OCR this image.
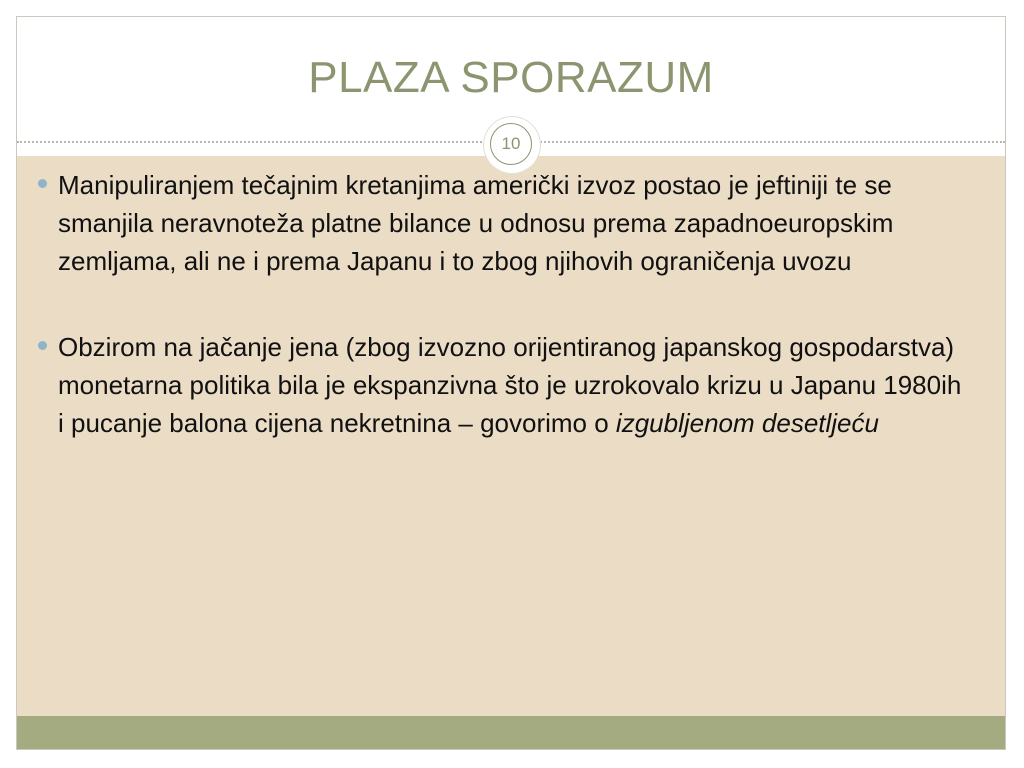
PLAZA SPORAZUM
10
Manipuliranjem tečajnim kretanjima američki izvoz postao je jeftiniji te se smanjila neravnoteža platne bilance u odnosu prema zapadnoeuropskim zemljama, ali ne i prema Japanu i to zbog njihovih ograničenja uvozu
Obzirom na jačanje jena (zbog izvozno orijentiranog japanskog gospodarstva) monetarna politika bila je ekspanzivna što je uzrokovalo krizu u Japanu 1980ih i pucanje balona cijena nekretnina – govorimo o izgubljenom desetljeću
